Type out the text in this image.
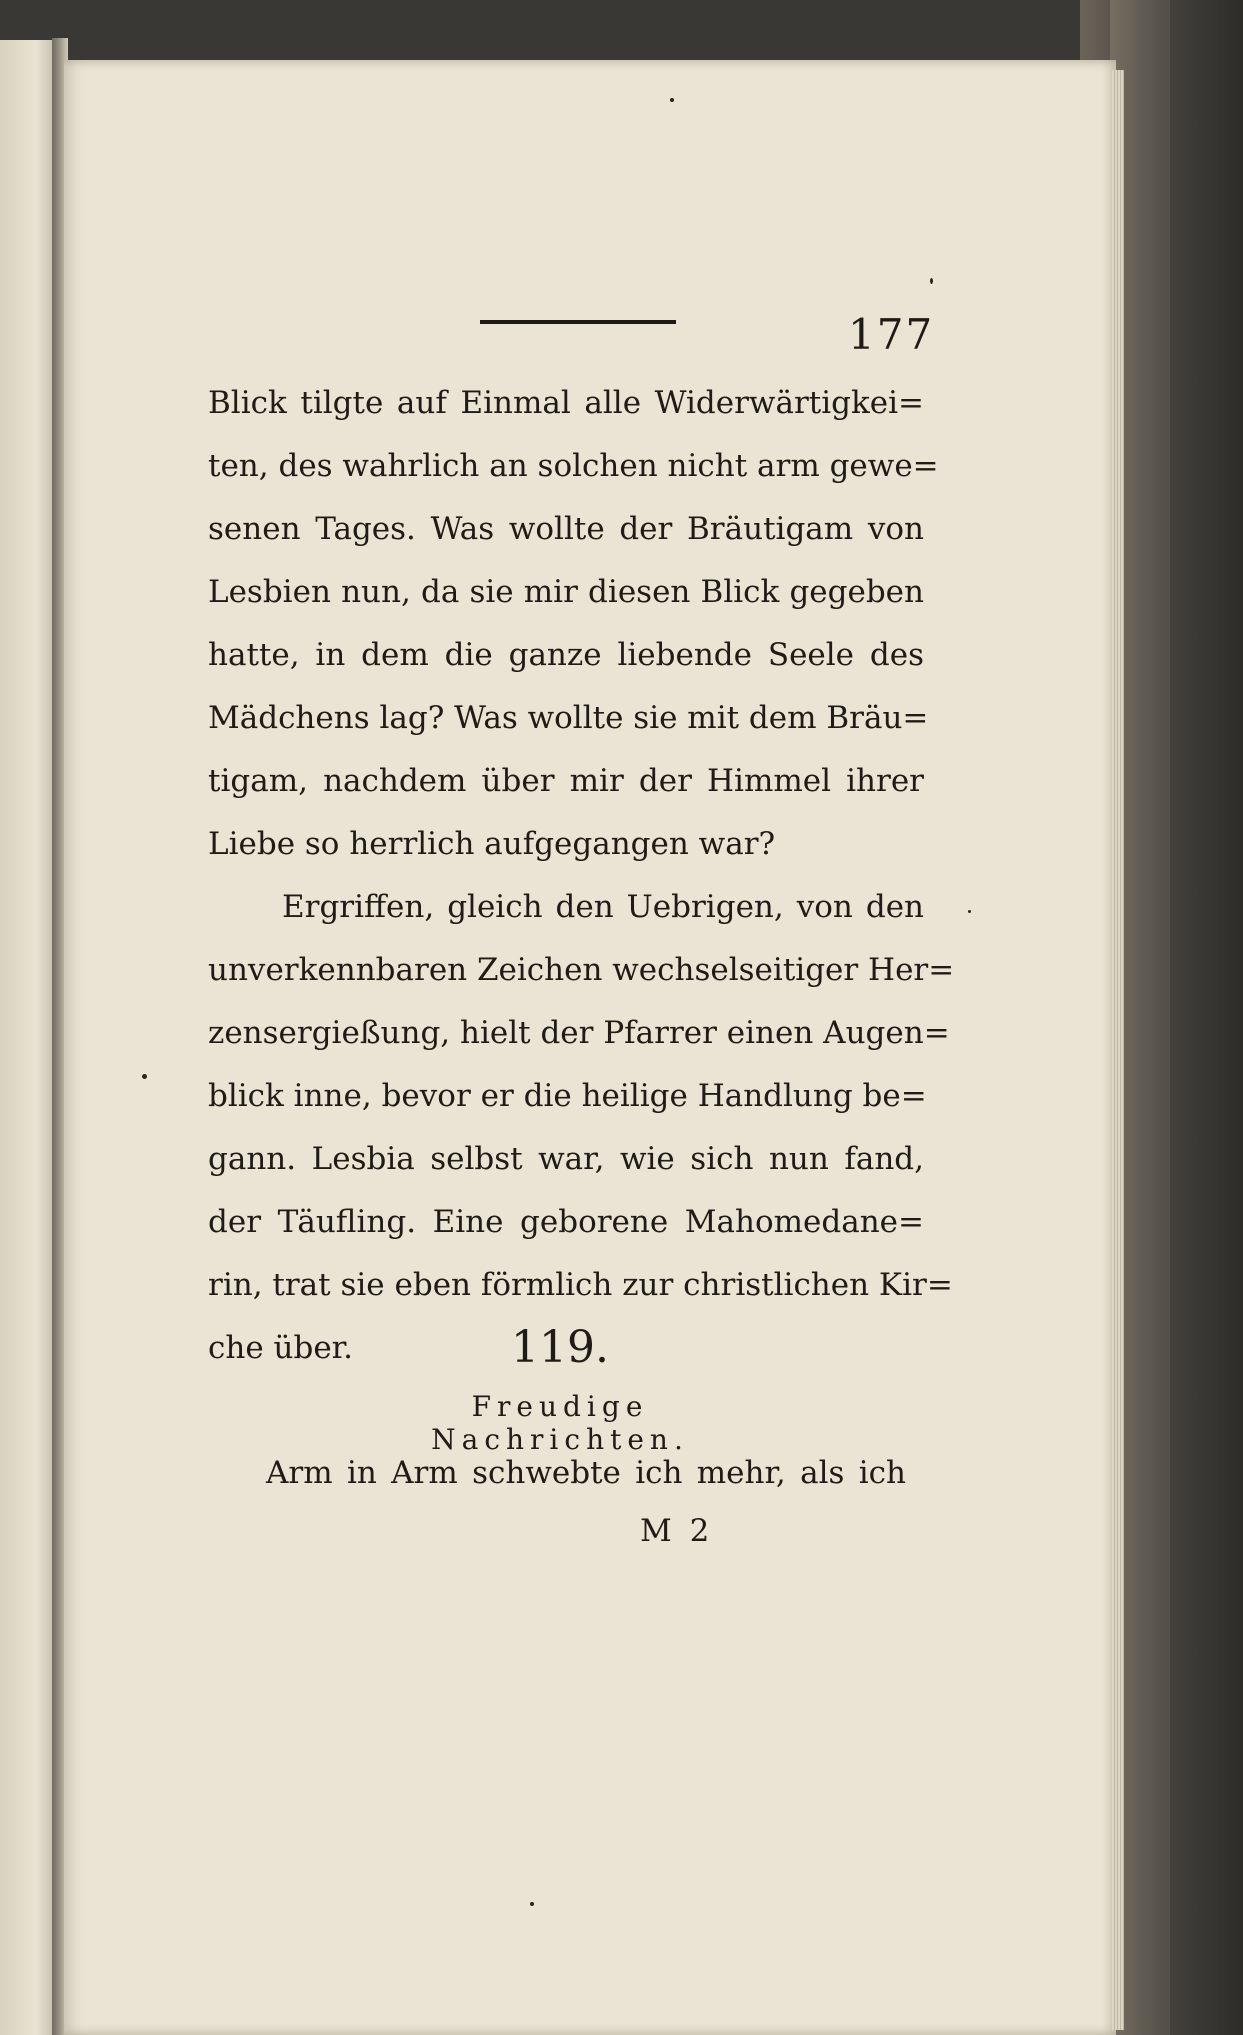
177
Blick tilgte auf Einmal alle Widerwärtigkei=
ten, des wahrlich an solchen nicht arm gewe=
senen Tages. Was wollte der Bräutigam von
Lesbien nun, da sie mir diesen Blick gegeben
hatte, in dem die ganze liebende Seele des
Mädchens lag? Was wollte sie mit dem Bräu=
tigam, nachdem über mir der Himmel ihrer
Liebe so herrlich aufgegangen war?
Ergriffen, gleich den Uebrigen, von den
unverkennbaren Zeichen wechselseitiger Her=
zensergießung, hielt der Pfarrer einen Augen=
blick inne, bevor er die heilige Handlung be=
gann. Lesbia selbst war, wie sich nun fand,
der Täufling. Eine geborene Mahomedane=
rin, trat sie eben förmlich zur christlichen Kir=
che über.	119.
Freudige Nachrichten.
Arm in Arm schwebte ich mehr, als ich
M 2
